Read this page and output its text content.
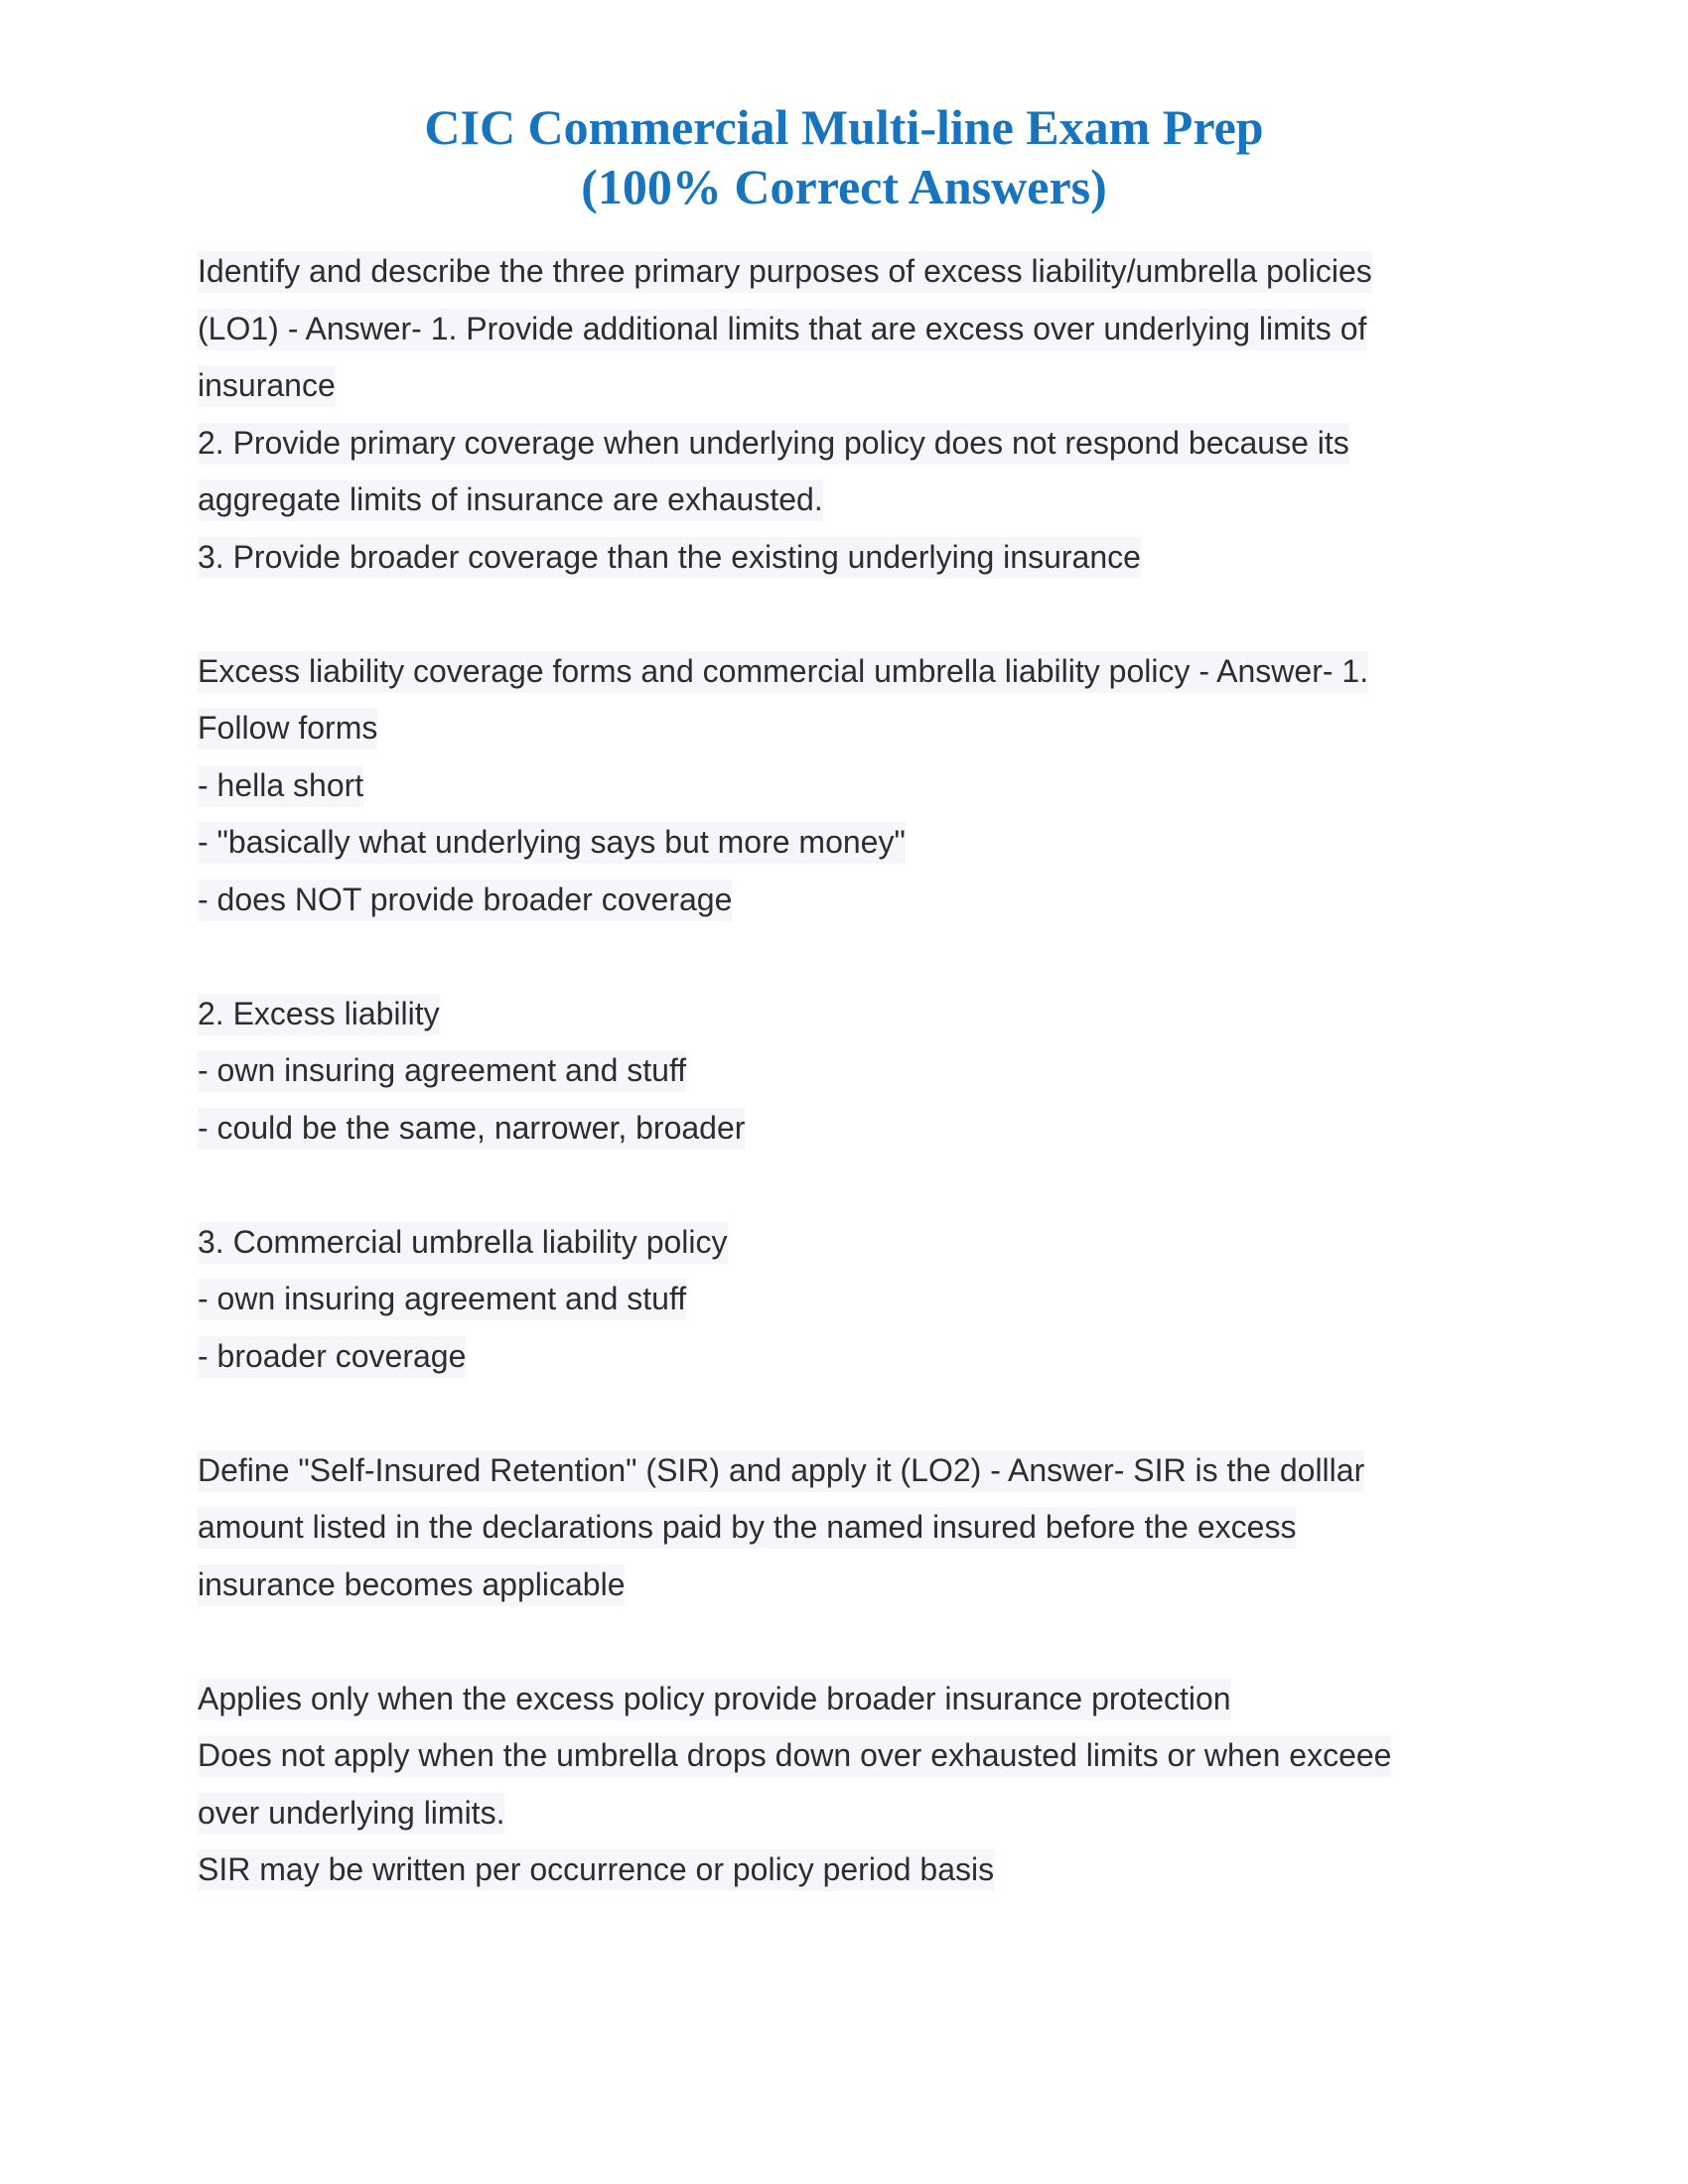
CIC Commercial Multi-line Exam Prep
(100% Correct Answers)
Identify and describe the three primary purposes of excess liability/umbrella policies
(LO1) - Answer- 1. Provide additional limits that are excess over underlying limits of
insurance
2. Provide primary coverage when underlying policy does not respond because its
aggregate limits of insurance are exhausted.
3. Provide broader coverage than the existing underlying insurance
Excess liability coverage forms and commercial umbrella liability policy - Answer- 1.
Follow forms
- hella short
- "basically what underlying says but more money"
- does NOT provide broader coverage
2. Excess liability
- own insuring agreement and stuff
- could be the same, narrower, broader
3. Commercial umbrella liability policy
- own insuring agreement and stuff
- broader coverage
Define "Self-Insured Retention" (SIR) and apply it (LO2) - Answer- SIR is the dolllar
amount listed in the declarations paid by the named insured before the excess
insurance becomes applicable
Applies only when the excess policy provide broader insurance protection
Does not apply when the umbrella drops down over exhausted limits or when exceee
over underlying limits.
SIR may be written per occurrence or policy period basis
